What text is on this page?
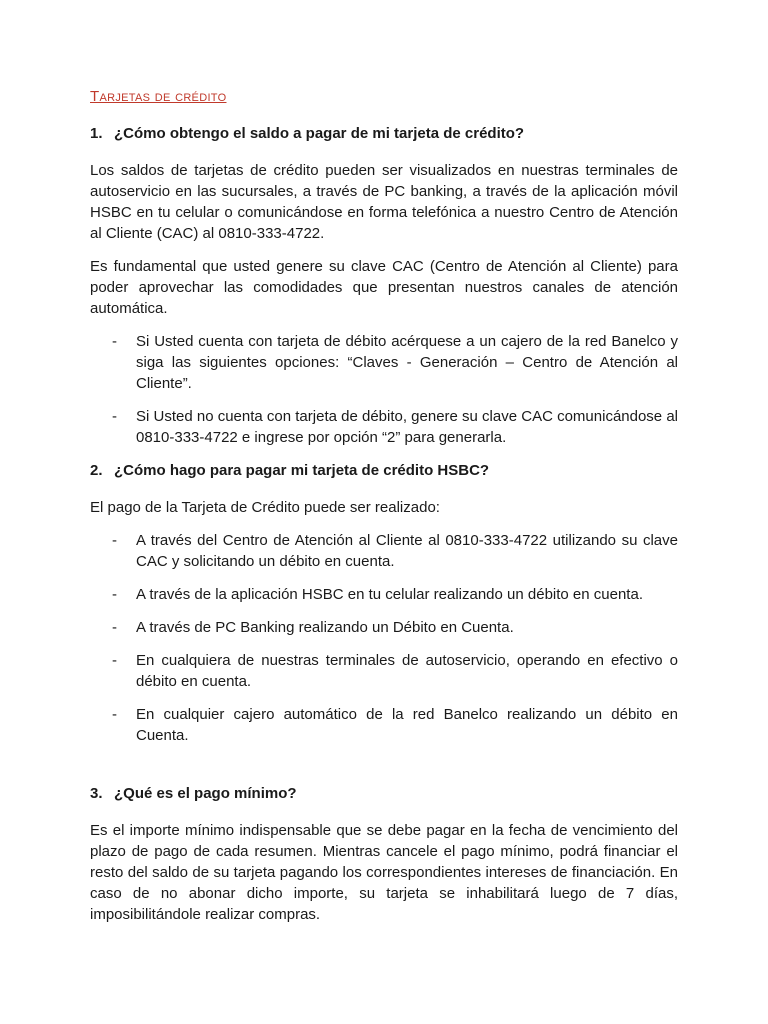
Tarjetas de crédito
1. ¿Cómo obtengo el saldo a pagar de mi tarjeta de crédito?

Los saldos de tarjetas de crédito pueden ser visualizados en nuestras terminales de autoservicio en las sucursales, a través de PC banking, a través de la aplicación móvil HSBC en tu celular o comunicándose en forma telefónica a nuestro Centro de Atención al Cliente (CAC) al 0810-333-4722.

Es fundamental que usted genere su clave CAC (Centro de Atención al Cliente) para poder aprovechar las comodidades que presentan nuestros canales de atención automática.

- Si Usted cuenta con tarjeta de débito acérquese a un cajero de la red Banelco y siga las siguientes opciones: “Claves - Generación – Centro de Atención al Cliente”.
- Si Usted no cuenta con tarjeta de débito, genere su clave CAC comunicándose al 0810-333-4722 e ingrese por opción “2” para generarla.
2. ¿Cómo hago para pagar mi tarjeta de crédito HSBC?

El pago de la Tarjeta de Crédito puede ser realizado:

- A través del Centro de Atención al Cliente al 0810-333-4722 utilizando su clave CAC y solicitando un débito en cuenta.
- A través de la aplicación HSBC en tu celular realizando un débito en cuenta.
- A través de PC Banking realizando un Débito en Cuenta.
- En cualquiera de nuestras terminales de autoservicio, operando en efectivo o débito en cuenta.
- En cualquier cajero automático de la red Banelco realizando un débito en Cuenta.
3. ¿Qué es el pago mínimo?

Es el importe mínimo indispensable que se debe pagar en la fecha de vencimiento del plazo de pago de cada resumen. Mientras cancele el pago mínimo, podrá financiar el resto del saldo de su tarjeta pagando los correspondientes intereses de financiación. En caso de no abonar dicho importe, su tarjeta se inhabilitará luego de 7 días, imposibilitándole realizar compras.
